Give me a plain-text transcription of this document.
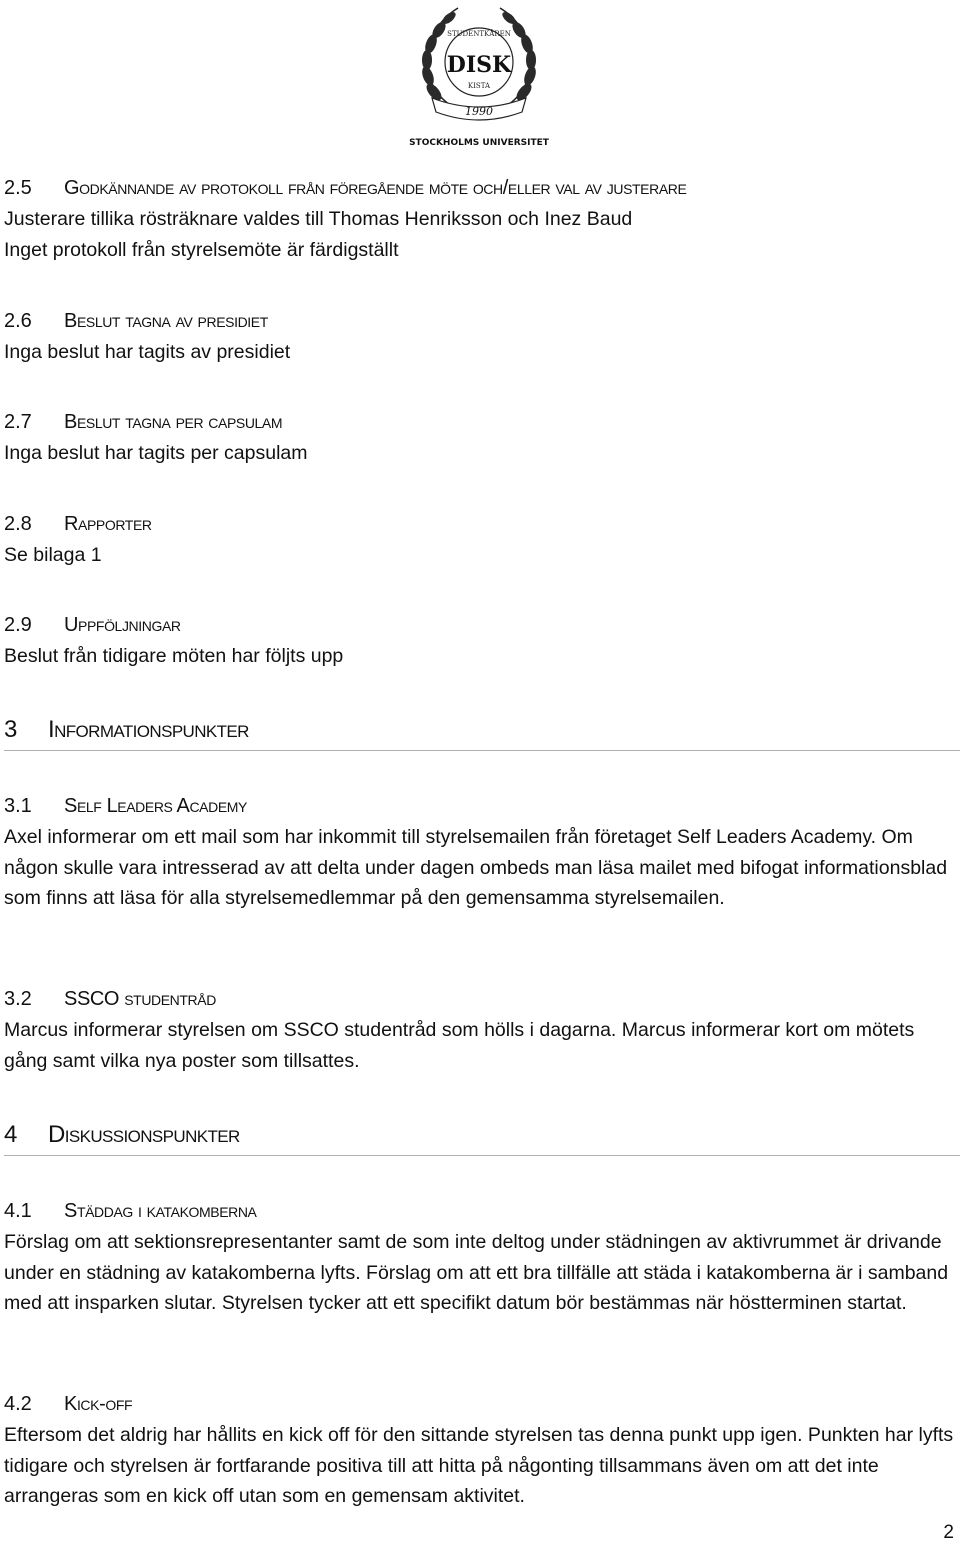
STUDENTKÅREN
DISK
KISTA
1990
STOCKHOLMS UNIVERSITET
2.5 Godkännande av protokoll från föregående möte och/eller val av justerare
Justerare tillika rösträknare valdes till Thomas Henriksson och Inez Baud
Inget protokoll från styrelsemöte är färdigställt
2.6 Beslut tagna av presidiet
Inga beslut har tagits av presidiet
2.7 Beslut tagna per capsulam
Inga beslut har tagits per capsulam
2.8 Rapporter
Se bilaga 1
2.9 Uppföljningar
Beslut från tidigare möten har följts upp
3 Informationspunkter
3.1 Self Leaders Academy
Axel informerar om ett mail som har inkommit till styrelsemailen från företaget Self Leaders Academy. Om någon skulle vara intresserad av att delta under dagen ombeds man läsa mailet med bifogat informationsblad som finns att läsa för alla styrelsemedlemmar på den gemensamma styrelsemailen.
3.2 SSCO studentråd
Marcus informerar styrelsen om SSCO studentråd som hölls i dagarna. Marcus informerar kort om mötets gång samt vilka nya poster som tillsattes.
4 Diskussionspunkter
4.1 Städdag i katakomberna
Förslag om att sektionsrepresentanter samt de som inte deltog under städningen av aktivrummet är drivande under en städning av katakomberna lyfts. Förslag om att ett bra tillfälle att städa i katakomberna är i samband med att insparken slutar. Styrelsen tycker att ett specifikt datum bör bestämmas när höstterminen startat.
4.2 Kick-off
Eftersom det aldrig har hållits en kick off för den sittande styrelsen tas denna punkt upp igen. Punkten har lyfts tidigare och styrelsen är fortfarande positiva till att hitta på någonting tillsammans även om att det inte arrangeras som en kick off utan som en gemensam aktivitet.
2
